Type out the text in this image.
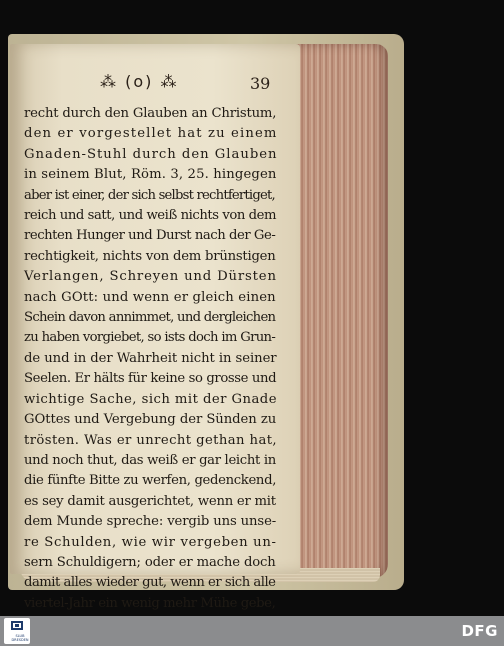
⁂ (o) ⁂	39
recht durch den Glauben an Christum,
den er vorgestellet hat zu einem
Gnaden-Stuhl durch den Glauben
in seinem Blut, Röm. 3, 25. hingegen
aber ist einer, der sich selbst rechtfertiget,
reich und satt, und weiß nichts von dem
rechten Hunger und Durst nach der Ge-
rechtigkeit, nichts von dem brünstigen
Verlangen, Schreyen und Dürsten
nach GOtt: und wenn er gleich einen
Schein davon annimmet, und dergleichen
zu haben vorgiebet, so ists doch im Grun-
de und in der Wahrheit nicht in seiner
Seelen. Er hälts für keine so grosse und
wichtige Sache, sich mit der Gnade
GOttes und Vergebung der Sünden zu
trösten. Was er unrecht gethan hat,
und noch thut, das weiß er gar leicht in
die fünfte Bitte zu werfen, gedenckend,
es sey damit ausgerichtet, wenn er mit
dem Munde spreche: vergib uns unse-
re Schulden, wie wir vergeben un-
sern Schuldigern; oder er mache doch
damit alles wieder gut, wenn er sich alle
viertel-Jahr ein wenig mehr Mühe gebe,
SLUB
DRESDEN	DFG
